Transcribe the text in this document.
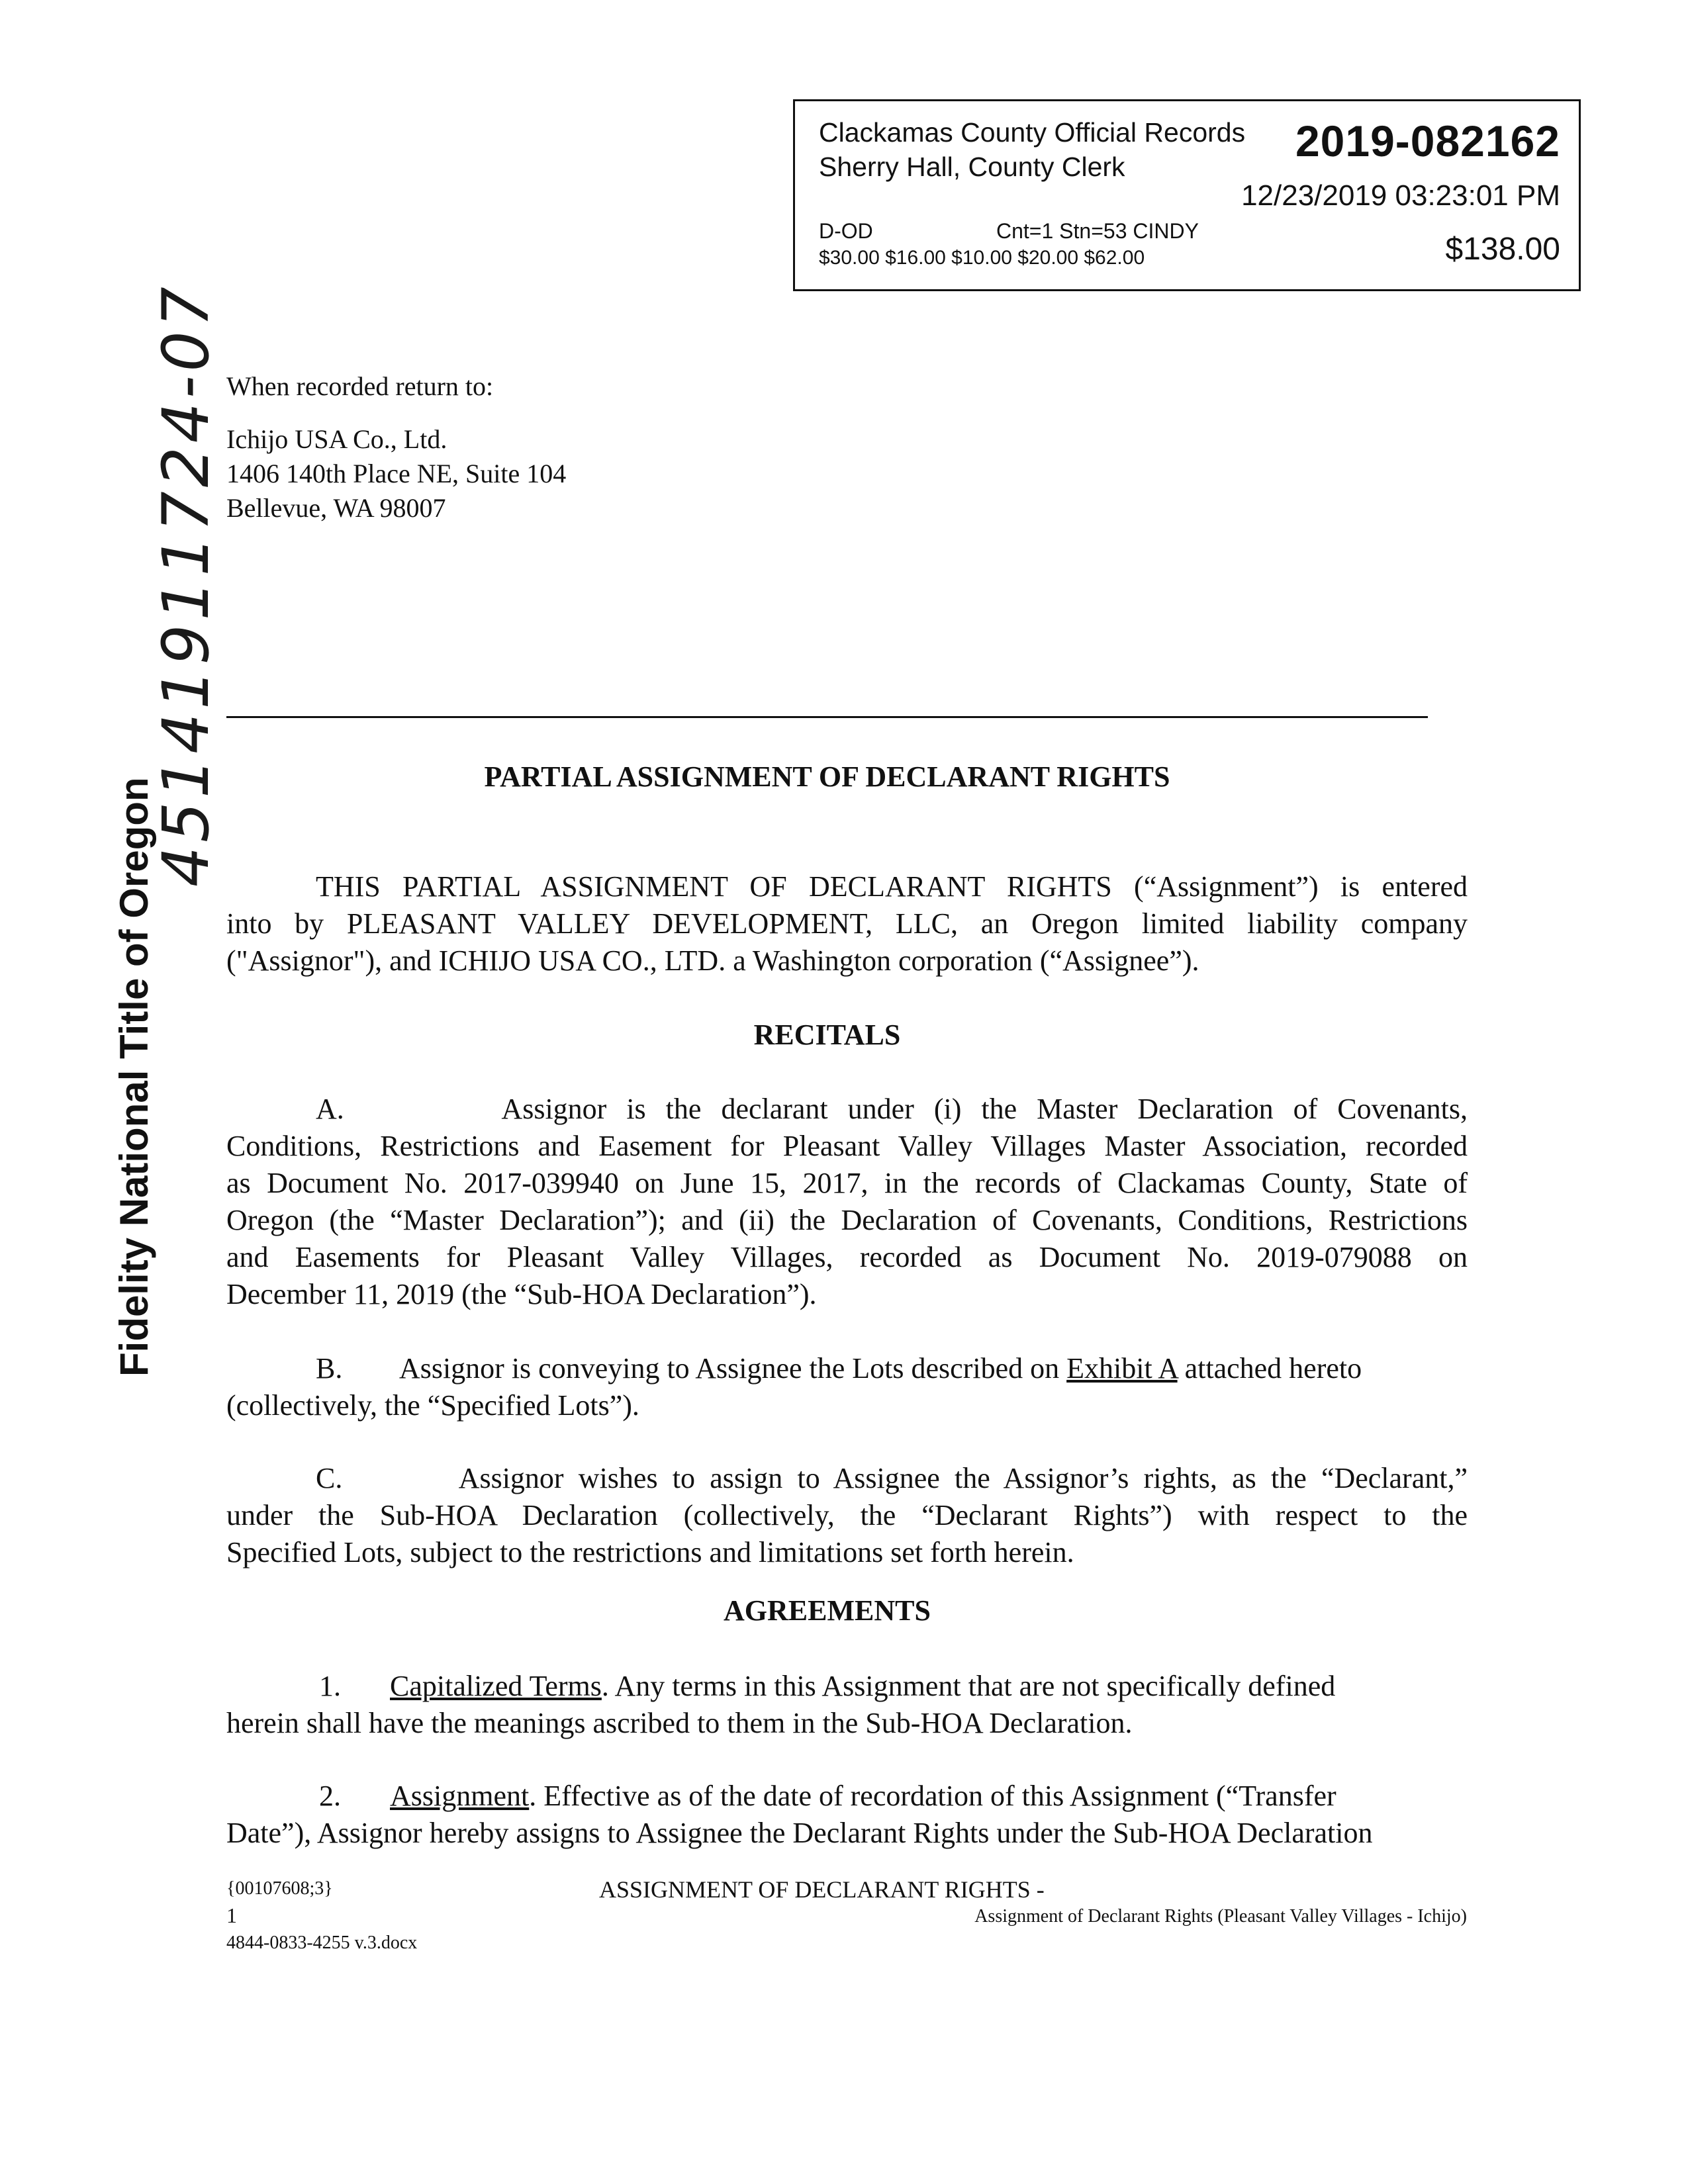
Clackamas County Official Records
Sherry Hall, County Clerk
2019-082162
12/23/2019 03:23:01 PM
D-OD	Cnt=1 Stn=53 CINDY
$30.00 $16.00 $10.00 $20.00 $62.00	$138.00
Fidelity National Title of Oregon
45141911724-07 When recorded return to:
Ichijo USA Co., Ltd.
1406 140th Place NE, Suite 104
Bellevue, WA 98007
PARTIAL ASSIGNMENT OF DECLARANT RIGHTS
THIS PARTIAL ASSIGNMENT OF DECLARANT RIGHTS (“Assignment”) is entered
into by PLEASANT VALLEY DEVELOPMENT, LLC, an Oregon limited liability company
("Assignor"), and ICHIJO USA CO., LTD. a Washington corporation (“Assignee”).
RECITALS
A.        Assignor is the declarant under (i) the Master Declaration of Covenants,
Conditions, Restrictions and Easement for Pleasant Valley Villages Master Association, recorded
as Document No. 2017-039940 on June 15, 2017, in the records of Clackamas County, State of
Oregon (the “Master Declaration”); and (ii) the Declaration of Covenants, Conditions, Restrictions
and Easements for Pleasant Valley Villages, recorded as Document No. 2019-079088 on
December 11, 2019 (the “Sub-HOA Declaration”).
B.        Assignor is conveying to Assignee the Lots described on Exhibit A attached hereto
(collectively, the “Specified Lots”).
C.        Assignor wishes to assign to Assignee the Assignor’s rights, as the “Declarant,”
under the Sub-HOA Declaration (collectively, the “Declarant Rights”) with respect to the
Specified Lots, subject to the restrictions and limitations set forth herein.
AGREEMENTS
1. Capitalized Terms. Any terms in this Assignment that are not specifically defined
herein shall have the meanings ascribed to them in the Sub-HOA Declaration.
2. Assignment. Effective as of the date of recordation of this Assignment (“Transfer
Date”), Assignor hereby assigns to Assignee the Declarant Rights under the Sub-HOA Declaration
{00107608;3}	ASSIGNMENT OF DECLARANT RIGHTS -
1	Assignment of Declarant Rights (Pleasant Valley Villages - Ichijo)
4844-0833-4255 v.3.docx
